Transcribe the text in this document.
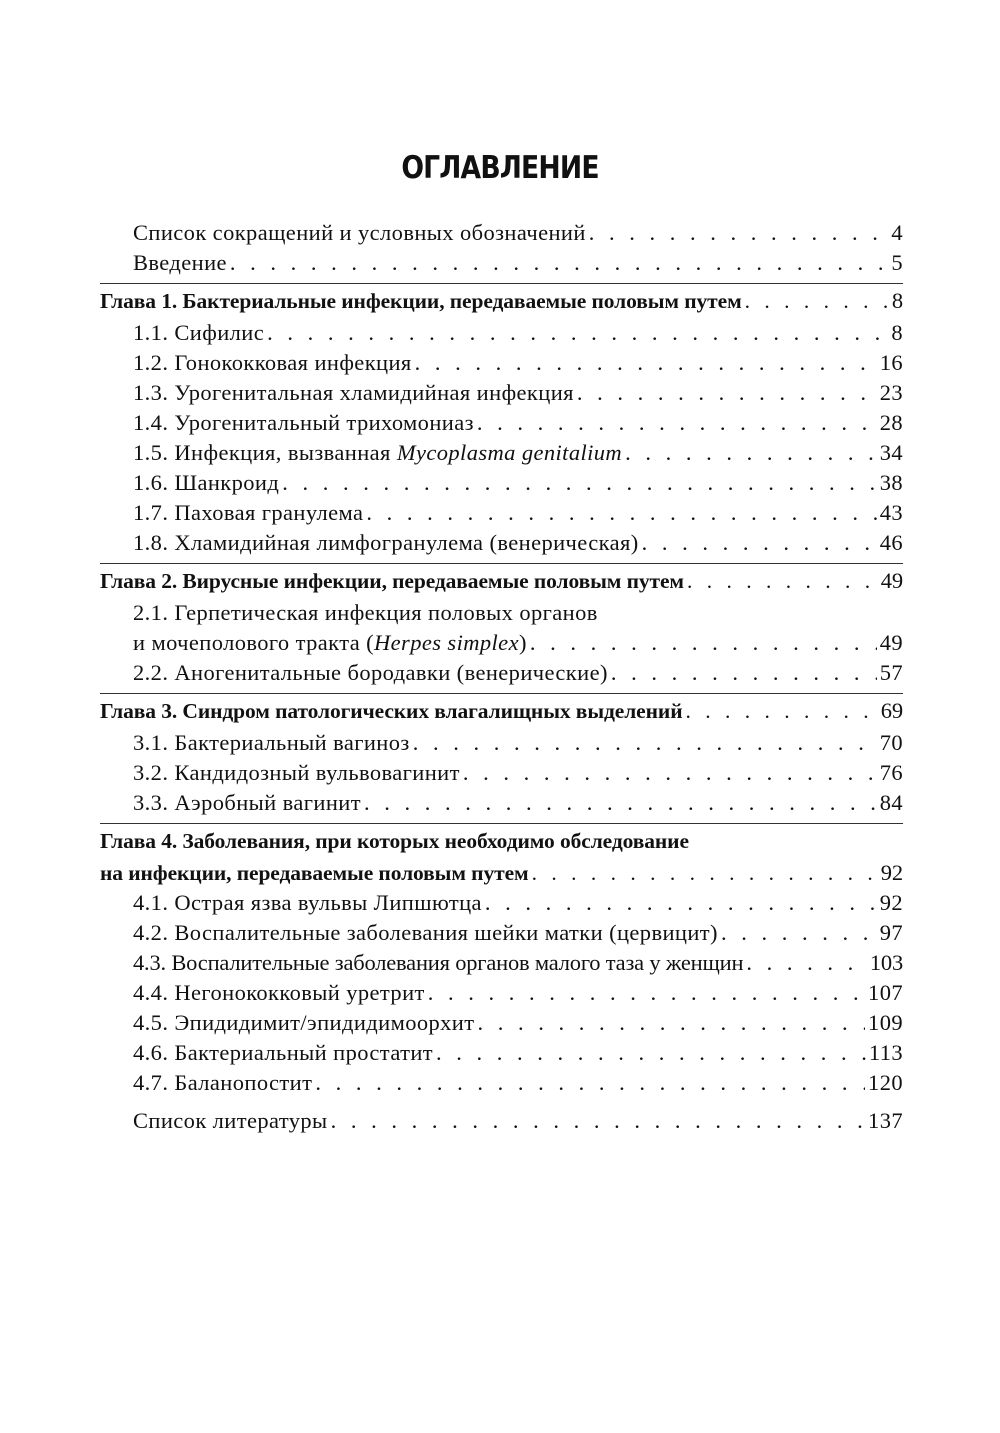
ОГЛАВЛЕНИЕ
Список сокращений и условных обозначений . . .	4
Введение . . .	5
Глава 1. Бактериальные инфекции, передаваемые половым путем . . .	8
1.1. Сифилис . . .	8
1.2. Гонококковая инфекция . . .	16
1.3. Урогенитальная хламидийная инфекция . . .	23
1.4. Урогенитальный трихомониаз . . .	28
1.5. Инфекция, вызванная Mycoplasma genitalium . . .	34
1.6. Шанкроид . . .	38
1.7. Паховая гранулема . . .	43
1.8. Хламидийная лимфогранулема (венерическая) . . .	46
Глава 2. Вирусные инфекции, передаваемые половым путем . . .	49
2.1. Герпетическая инфекция половых органов
и мочеполового тракта (Herpes simplex) . . .	49
2.2. Аногенитальные бородавки (венерические) . . .	57
Глава 3. Синдром патологических влагалищных выделений . . .	69
3.1. Бактериальный вагиноз . . .	70
3.2. Кандидозный вульвовагинит . . .	76
3.3. Аэробный вагинит . . .	84
Глава 4. Заболевания, при которых необходимо обследование
на инфекции, передаваемые половым путем . . .	92
4.1. Острая язва вульвы Липшютца . . .	92
4.2. Воспалительные заболевания шейки матки (цервицит) . . .	97
4.3. Воспалительные заболевания органов малого таза у женщин . . .	103
4.4. Негонококковый уретрит . . .	107
4.5. Эпидидимит/эпидидимоорхит . . .	109
4.6. Бактериальный простатит . . .	113
4.7. Баланопостит . . .	120
Список литературы . . .	137
